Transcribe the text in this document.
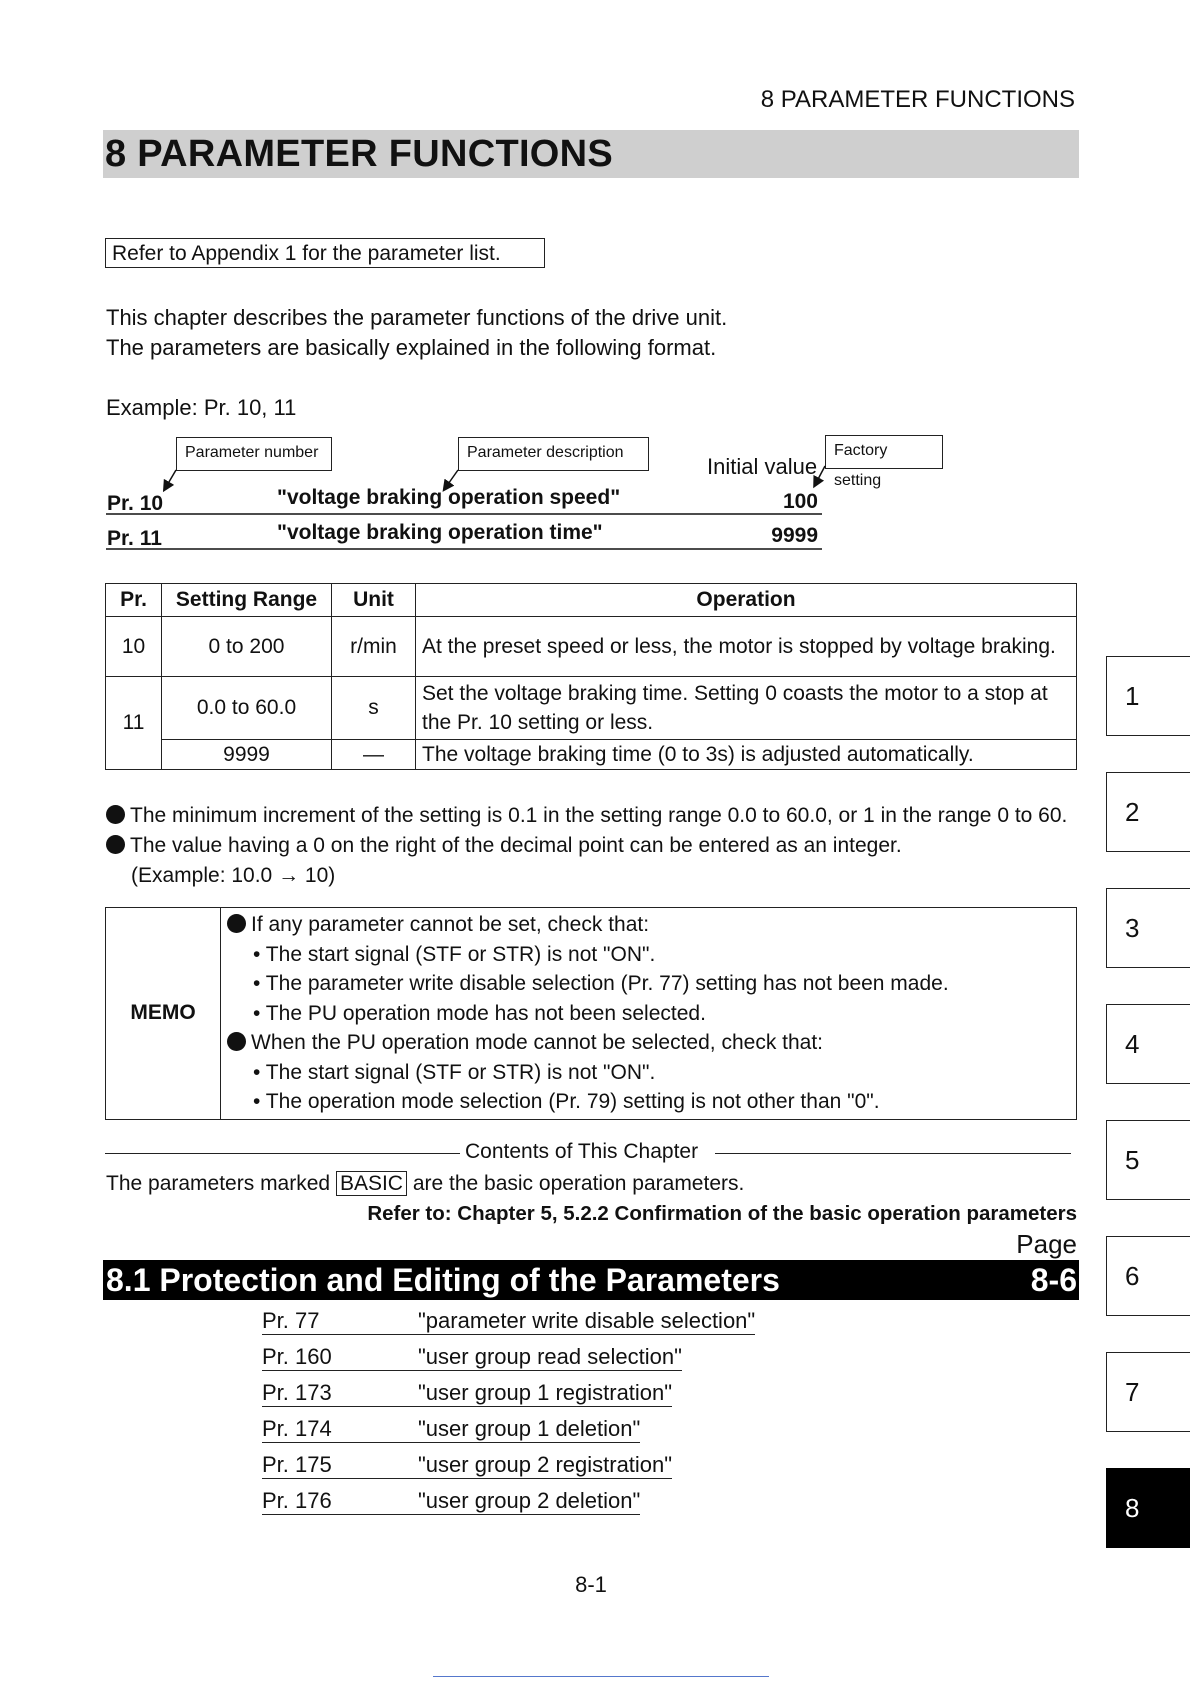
8 PARAMETER FUNCTIONS
8 PARAMETER FUNCTIONS
Refer to Appendix 1 for the parameter list.
This chapter describes the parameter functions of the drive unit.
The parameters are basically explained in the following format.
Example: Pr. 10, 11
Parameter number	Parameter description
Initial value
Factory setting
Pr. 10	"voltage braking operation speed"	100
Pr. 11	"voltage braking operation time"	9999
Pr.	Setting Range	Unit	Operation
10	0 to 200	r/min	At the preset speed or less, the motor is stopped by voltage braking.
11	0.0 to 60.0	s	Set the voltage braking time. Setting 0 coasts the motor to a stop at the Pr. 10 setting or less.
	9999	—	The voltage braking time (0 to 3s) is adjusted automatically.
The minimum increment of the setting is 0.1 in the setting range 0.0 to 60.0, or 1 in the range 0 to 60.
The value having a 0 on the right of the decimal point can be entered as an integer.
(Example: 10.0 → 10)
MEMO	
If any parameter cannot be set, check that:
• The start signal (STF or STR) is not "ON".
• The parameter write disable selection (Pr. 77) setting has not been made.
• The PU operation mode has not been selected.
When the PU operation mode cannot be selected, check that:
• The start signal (STF or STR) is not "ON".
• The operation mode selection (Pr. 79) setting is not other than "0".
Contents of This Chapter
The parameters marked BASIC are the basic operation parameters.
Refer to: Chapter 5, 5.2.2 Confirmation of the basic operation parameters
Page
8.1 Protection and Editing of the Parameters	8-6
Pr. 77	"parameter write disable selection"
Pr. 160	"user group read selection"
Pr. 173	"user group 1 registration"
Pr. 174	"user group 1 deletion"
Pr. 175	"user group 2 registration"
Pr. 176	"user group 2 deletion"
1
2
3
4
5
6
7
8
8-1
